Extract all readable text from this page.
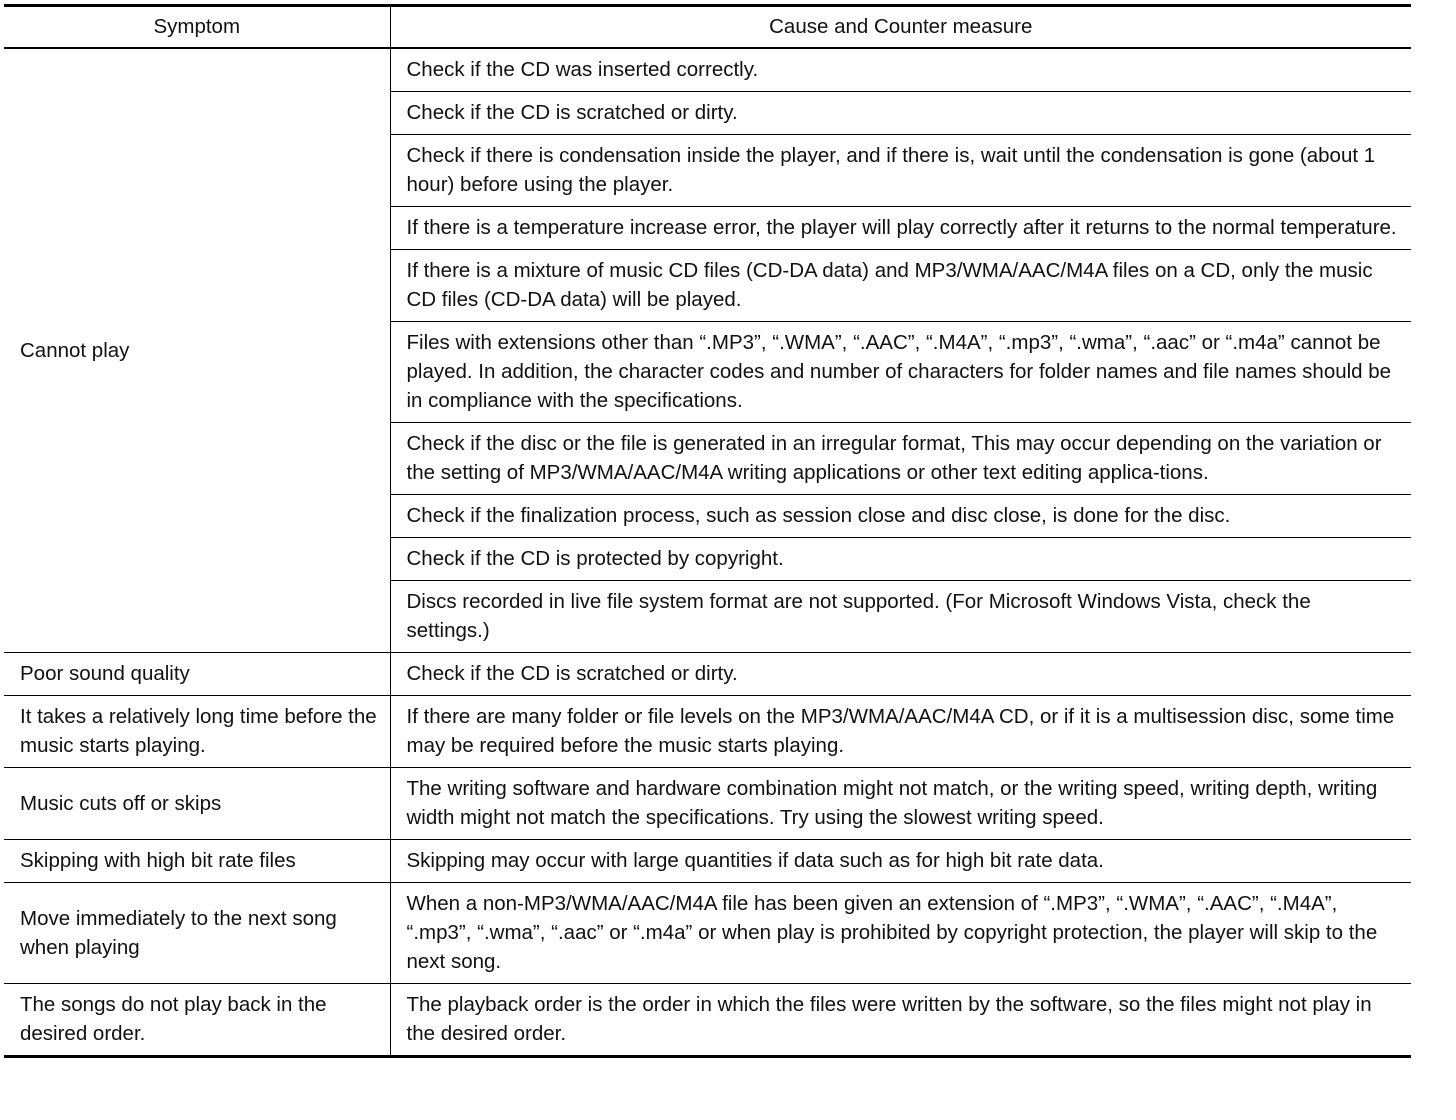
Symptom	Cause and Counter measure
Cannot play	Check if the CD was inserted correctly.
	Check if the CD is scratched or dirty.
	Check if there is condensation inside the player, and if there is, wait until the condensation is gone (about 1 hour) before using the player.
	If there is a temperature increase error, the player will play correctly after it returns to the normal temperature.
	If there is a mixture of music CD files (CD-DA data) and MP3/WMA/AAC/M4A files on a CD, only the music CD files (CD-DA data) will be played.
	Files with extensions other than “.MP3”, “.WMA”, “.AAC”, “.M4A”, “.mp3”, “.wma”, “.aac” or “.m4a” cannot be played. In addition, the character codes and number of characters for folder names and file names should be in compliance with the specifications.
	Check if the disc or the file is generated in an irregular format, This may occur depending on the variation or the setting of MP3/WMA/AAC/M4A writing applications or other text editing applica-tions.
	Check if the finalization process, such as session close and disc close, is done for the disc.
	Check if the CD is protected by copyright.
	Discs recorded in live file system format are not supported. (For Microsoft Windows Vista, check the settings.)
Poor sound quality	Check if the CD is scratched or dirty.
It takes a relatively long time before the music starts playing.	If there are many folder or file levels on the MP3/WMA/AAC/M4A CD, or if it is a multisession disc, some time may be required before the music starts playing.
Music cuts off or skips	The writing software and hardware combination might not match, or the writing speed, writing depth, writing width might not match the specifications. Try using the slowest writing speed.
Skipping with high bit rate files	Skipping may occur with large quantities if data such as for high bit rate data.
Move immediately to the next song when playing	When a non-MP3/WMA/AAC/M4A file has been given an extension of “.MP3”, “.WMA”, “.AAC”, “.M4A”, “.mp3”, “.wma”, “.aac” or “.m4a” or when play is prohibited by copyright protection, the player will skip to the next song.
The songs do not play back in the desired order.	The playback order is the order in which the files were written by the software, so the files might not play in the desired order.
